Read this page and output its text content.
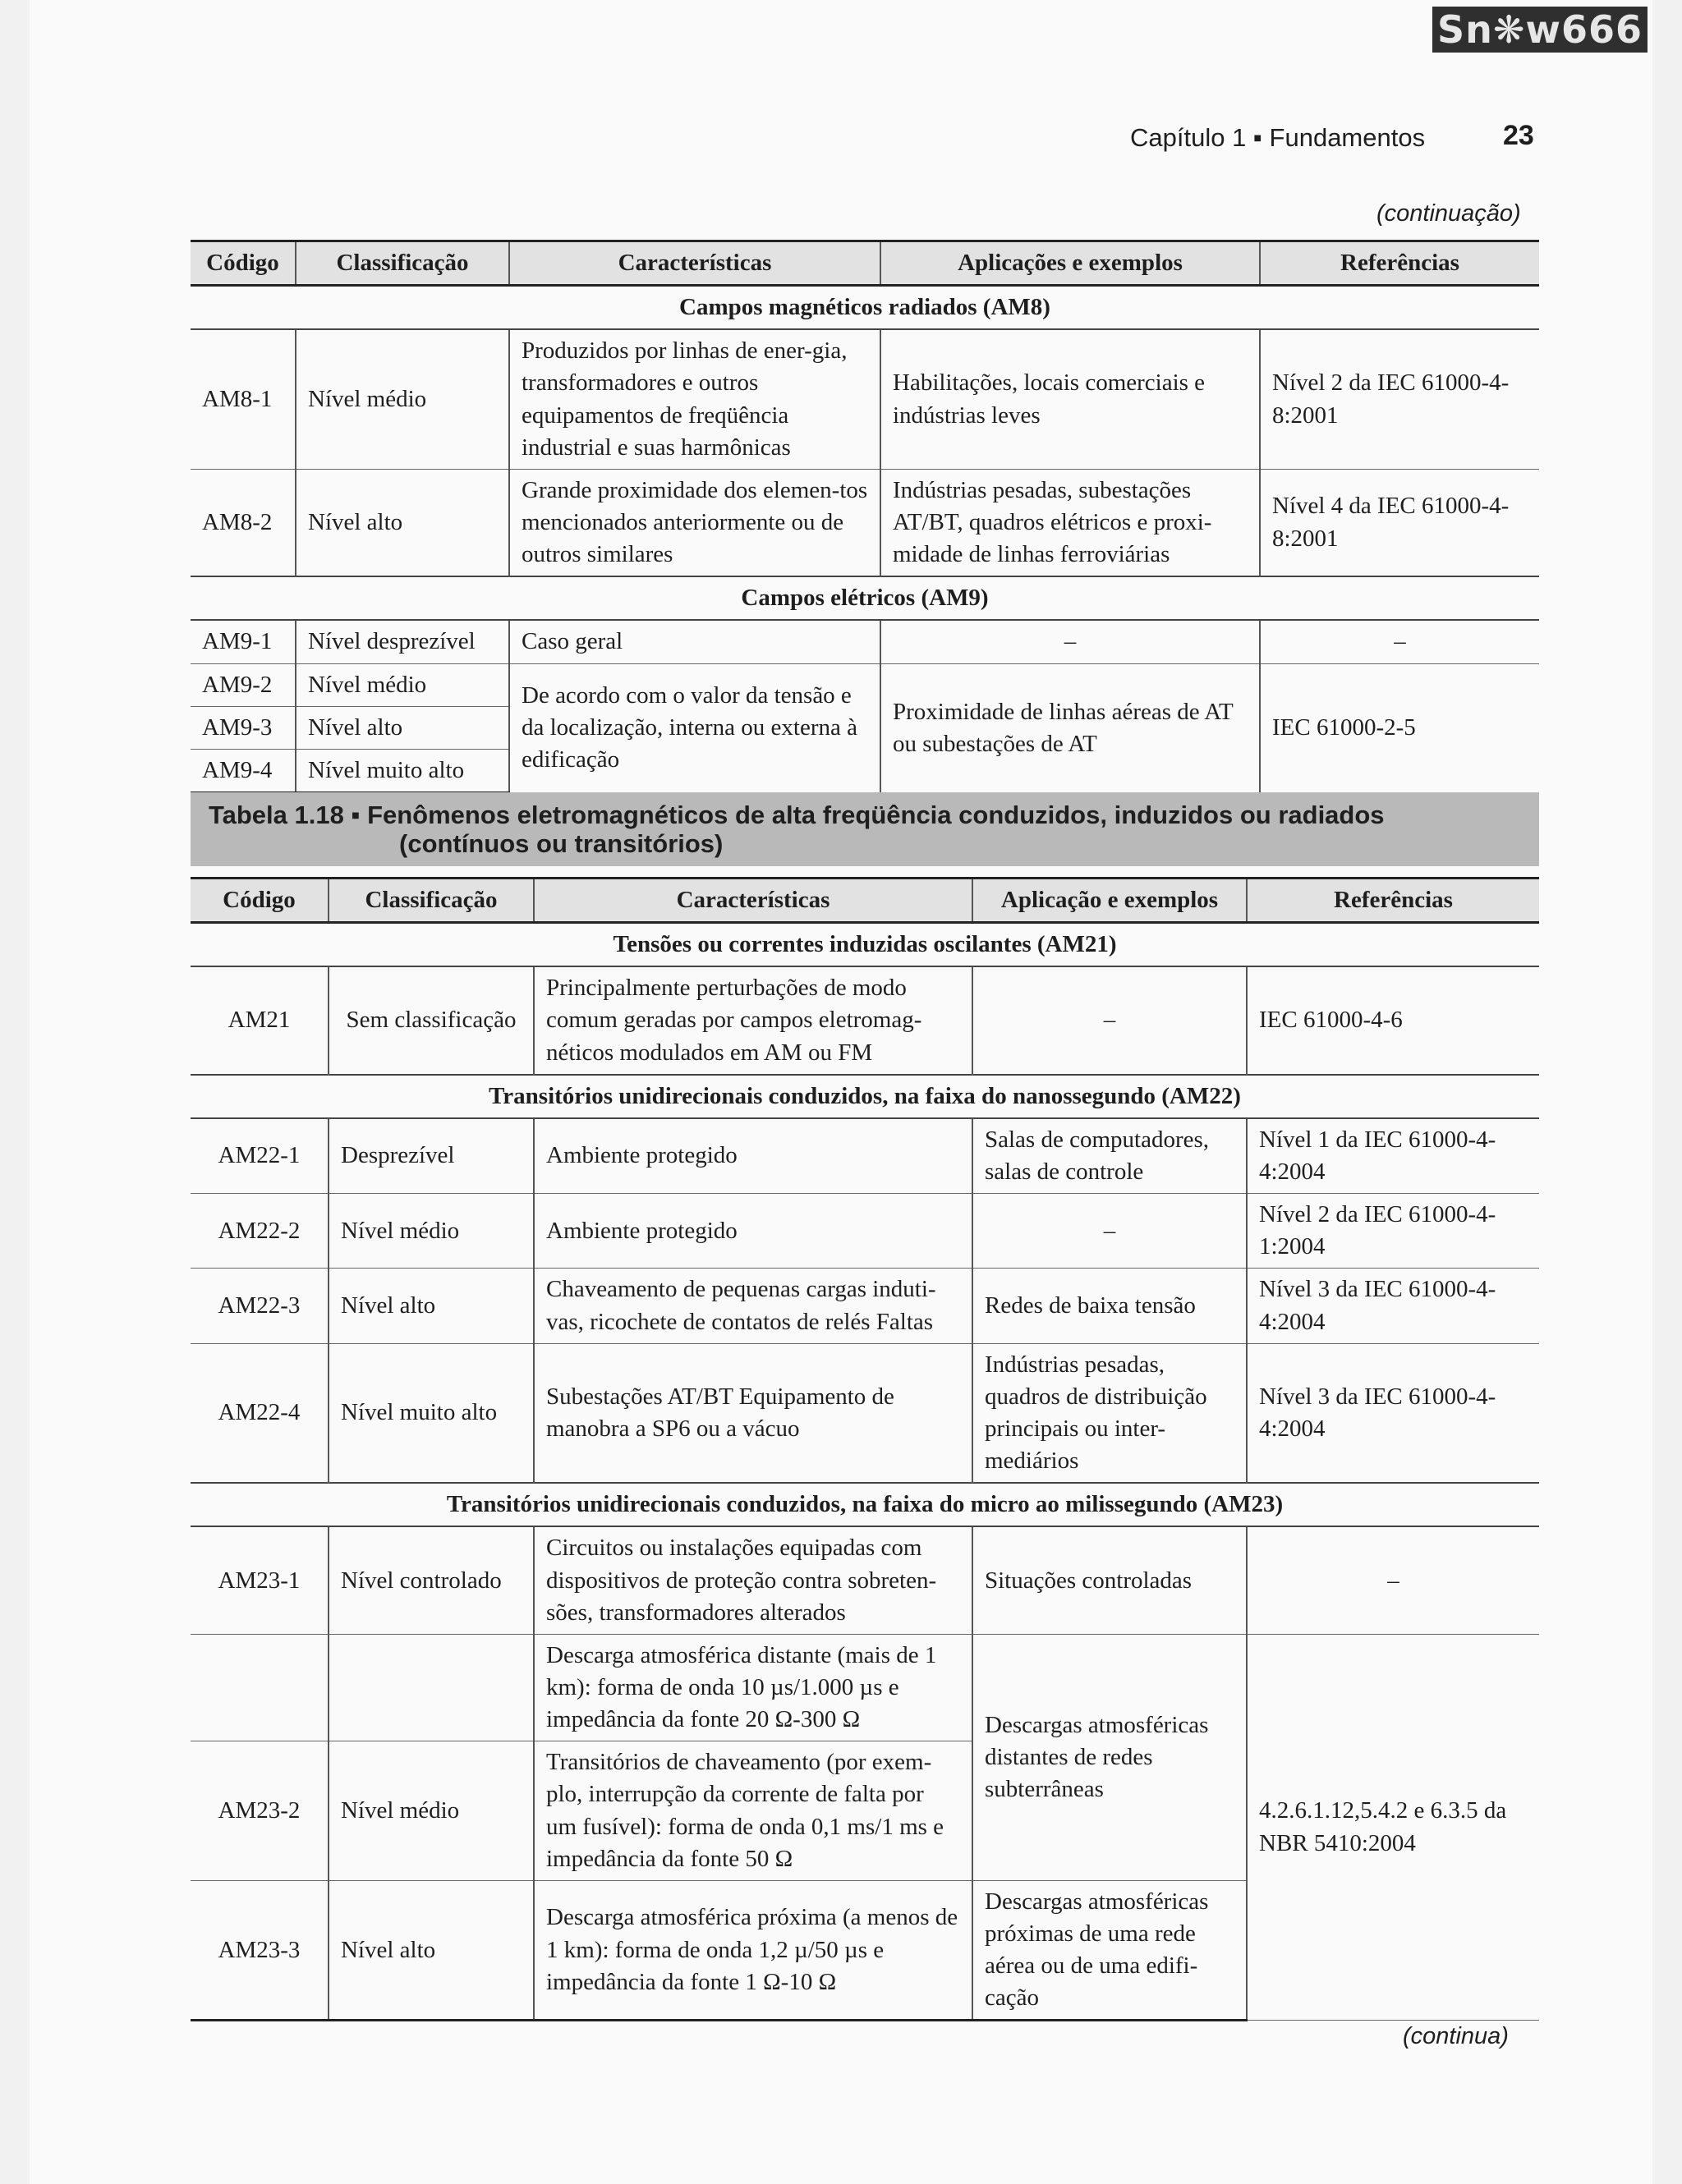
Sn❋w666
Capítulo 1 ▪ Fundamentos	23
(continuação)
Código	Classificação	Características	Aplicações e exemplos	Referências
Campos magnéticos radiados (AM8)				
AM8-1	Nível médio	Produzidos por linhas de ener-gia, transformadores e outros equipamentos de freqüência industrial e suas harmônicas	Habilitações, locais comerciais e indústrias leves	Nível 2 da IEC 61000-4-8:2001
AM8-2	Nível alto	Grande proximidade dos elemen-tos mencionados anteriormente ou de outros similares	Indústrias pesadas, subestações AT/BT, quadros elétricos e proxi-midade de linhas ferroviárias	Nível 4 da IEC 61000-4-8:2001
Campos elétricos (AM9)				
AM9-1	Nível desprezível	Caso geral	–	–
AM9-2	Nível médio	De acordo com o valor da tensão e da localização, interna ou externa à edificação	Proximidade de linhas aéreas de AT ou subestações de AT	IEC 61000-2-5
AM9-3	Nível alto			
AM9-4	Nível muito alto			
Tabela 1.18 ▪ Fenômenos eletromagnéticos de alta freqüência conduzidos, induzidos ou radiados
(contínuos ou transitórios)
Código	Classificação	Características	Aplicação e exemplos	Referências
Tensões ou correntes induzidas oscilantes (AM21)				
AM21	Sem classificação	Principalmente perturbações de modo comum geradas por campos eletromag-néticos modulados em AM ou FM	–	IEC 61000-4-6
Transitórios unidirecionais conduzidos, na faixa do nanossegundo (AM22)				
AM22-1	Desprezível	Ambiente protegido	Salas de computadores, salas de controle	Nível 1 da IEC 61000-4-4:2004
AM22-2	Nível médio	Ambiente protegido	–	Nível 2 da IEC 61000-4-1:2004
AM22-3	Nível alto	Chaveamento de pequenas cargas induti-vas, ricochete de contatos de relés Faltas	Redes de baixa tensão	Nível 3 da IEC 61000-4-4:2004
AM22-4	Nível muito alto	Subestações AT/BT Equipamento de manobra a SP6 ou a vácuo	Indústrias pesadas, quadros de distribuição principais ou inter-mediários	Nível 3 da IEC 61000-4-4:2004
Transitórios unidirecionais conduzidos, na faixa do micro ao milissegundo (AM23)				
AM23-1	Nível controlado	Circuitos ou instalações equipadas com dispositivos de proteção contra sobreten-sões, transformadores alterados	Situações controladas	–
		Descarga atmosférica distante (mais de 1 km): forma de onda 10 µs/1.000 µs e impedância da fonte 20 Ω-300 Ω	Descargas atmosféricas distantes de redes subterrâneas	4.2.6.1.12,5.4.2 e 6.3.5 da NBR 5410:2004
AM23-2	Nível médio	Transitórios de chaveamento (por exem-plo, interrupção da corrente de falta por um fusível): forma de onda 0,1 ms/1 ms e impedância da fonte 50 Ω		
AM23-3	Nível alto	Descarga atmosférica próxima (a menos de 1 km): forma de onda 1,2 µ/50 µs e impedância da fonte 1 Ω-10 Ω	Descargas atmosféricas próximas de uma rede aérea ou de uma edifi-cação	
(continua)
